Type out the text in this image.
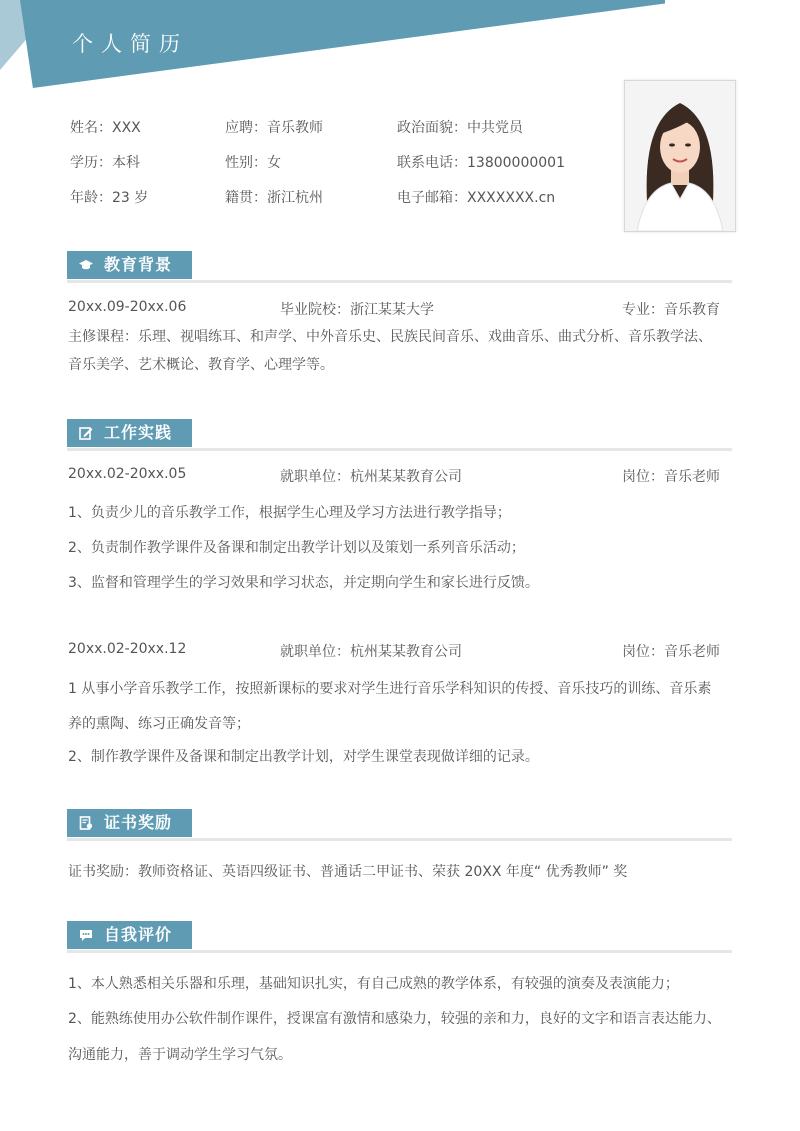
个人简历
姓名：XXX	应聘：音乐教师	政治面貌：中共党员
学历：本科	性别：女	联系电话：13800000001
年龄：23 岁	籍贯：浙江杭州	电子邮箱：XXXXXXX.cn
教育背景
20xx.09-20xx.06	毕业院校：浙江某某大学	专业：音乐教育
主修课程：乐理、视唱练耳、和声学、中外音乐史、民族民间音乐、戏曲音乐、曲式分析、音乐教学法、音乐美学、艺术概论、教育学、心理学等。
工作实践
20xx.02-20xx.05	就职单位：杭州某某教育公司	岗位：音乐老师
1、负责少儿的音乐教学工作，根据学生心理及学习方法进行教学指导；
2、负责制作教学课件及备课和制定出教学计划以及策划一系列音乐活动；
3、监督和管理学生的学习效果和学习状态，并定期向学生和家长进行反馈。
20xx.02-20xx.12	就职单位：杭州某某教育公司	岗位：音乐老师
1 从事小学音乐教学工作，按照新课标的要求对学生进行音乐学科知识的传授、音乐技巧的训练、音乐素养的熏陶、练习正确发音等；
2、制作教学课件及备课和制定出教学计划，对学生课堂表现做详细的记录。
证书奖励
证书奖励：教师资格证、英语四级证书、普通话二甲证书、荣获 20XX 年度“ 优秀教师” 奖
自我评价
1、本人熟悉相关乐器和乐理，基础知识扎实，有自己成熟的教学体系，有较强的演奏及表演能力；
2、能熟练使用办公软件制作课件，授课富有激情和感染力，较强的亲和力，良好的文字和语言表达能力、沟通能力，善于调动学生学习气氛。
